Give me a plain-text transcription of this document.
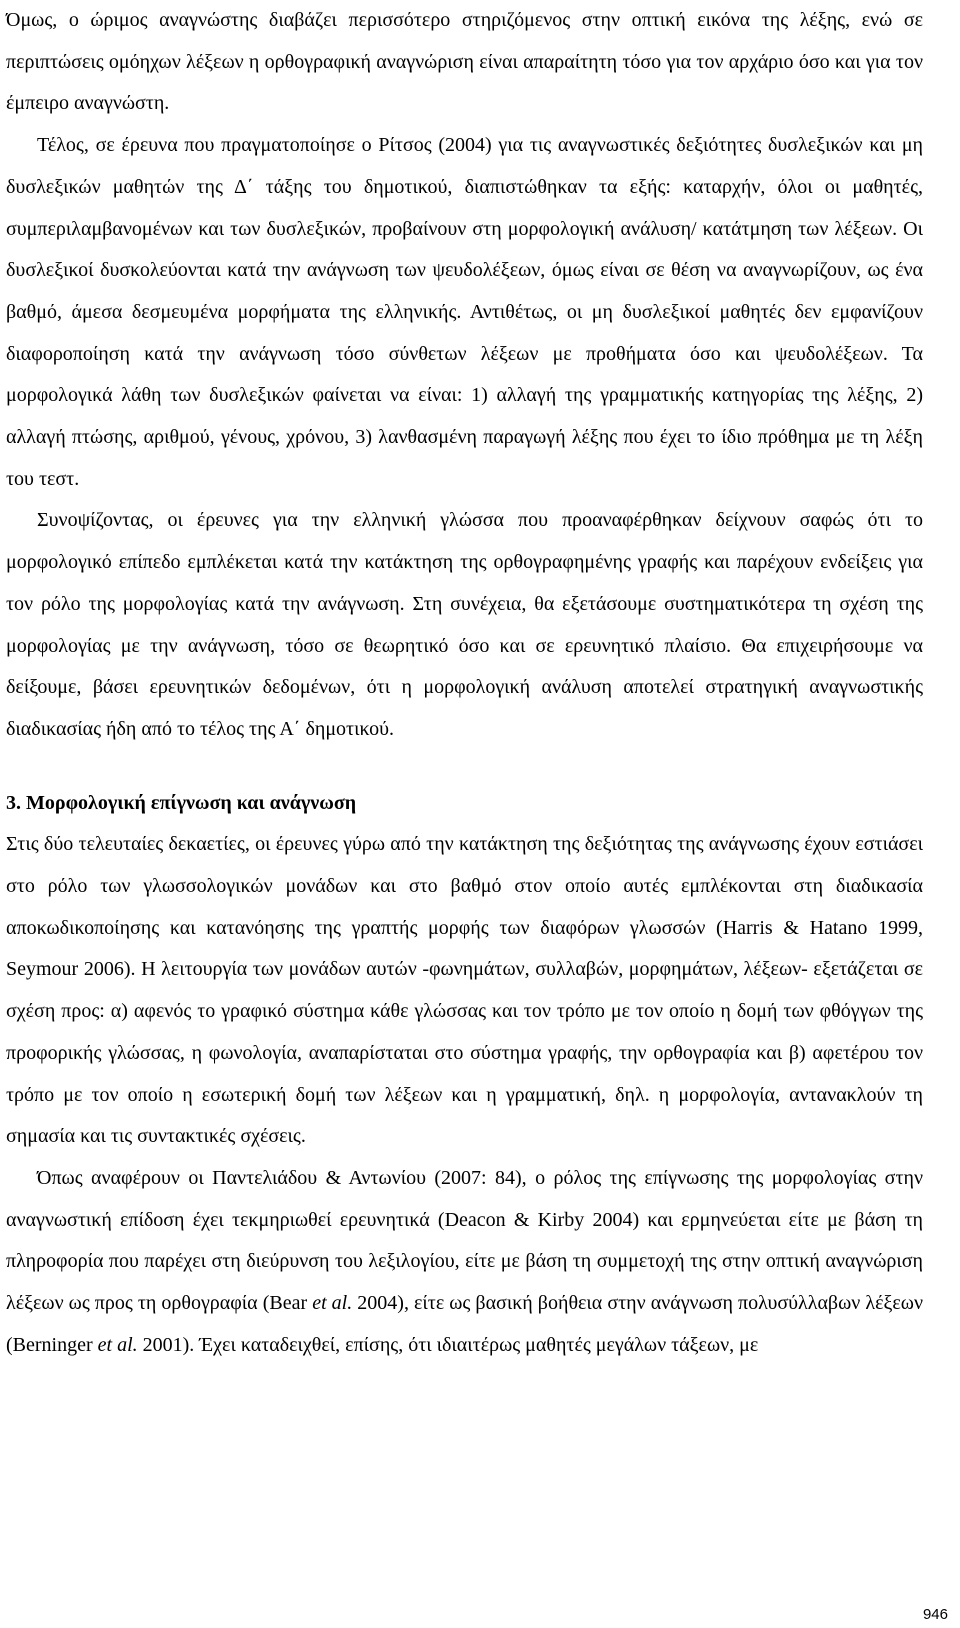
Όμως, ο ώριμος αναγνώστης διαβάζει περισσότερο στηριζόμενος στην οπτική εικόνα της λέξης, ενώ σε περιπτώσεις ομόηχων λέξεων η ορθογραφική αναγνώριση είναι απαραίτητη τόσο για τον αρχάριο όσο και για τον έμπειρο αναγνώστη.

Τέλος, σε έρευνα που πραγματοποίησε ο Ρίτσος (2004) για τις αναγνωστικές δεξιότητες δυσλεξικών και μη δυσλεξικών μαθητών της Δ΄ τάξης του δημοτικού, διαπιστώθηκαν τα εξής: καταρχήν, όλοι οι μαθητές, συμπεριλαμβανομένων και των δυσλεξικών, προβαίνουν στη μορφολογική ανάλυση/ κατάτμηση των λέξεων. Οι δυσλεξικοί δυσκολεύονται κατά την ανάγνωση των ψευδολέξεων, όμως είναι σε θέση να αναγνωρίζουν, ως ένα βαθμό, άμεσα δεσμευμένα μορφήματα της ελληνικής. Αντιθέτως, οι μη δυσλεξικοί μαθητές δεν εμφανίζουν διαφοροποίηση κατά την ανάγνωση τόσο σύνθετων λέξεων με προθήματα όσο και ψευδολέξεων. Τα μορφολογικά λάθη των δυσλεξικών φαίνεται να είναι: 1) αλλαγή της γραμματικής κατηγορίας της λέξης, 2) αλλαγή πτώσης, αριθμού, γένους, χρόνου, 3) λανθασμένη παραγωγή λέξης που έχει το ίδιο πρόθημα με τη λέξη του τεστ.

Συνοψίζοντας, οι έρευνες για την ελληνική γλώσσα που προαναφέρθηκαν δείχνουν σαφώς ότι το μορφολογικό επίπεδο εμπλέκεται κατά την κατάκτηση της ορθογραφημένης γραφής και παρέχουν ενδείξεις για τον ρόλο της μορφολογίας κατά την ανάγνωση. Στη συνέχεια, θα εξετάσουμε συστηματικότερα τη σχέση της μορφολογίας με την ανάγνωση, τόσο σε θεωρητικό όσο και σε ερευνητικό πλαίσιο. Θα επιχειρήσουμε να δείξουμε, βάσει ερευνητικών δεδομένων, ότι η μορφολογική ανάλυση αποτελεί στρατηγική αναγνωστικής διαδικασίας ήδη από το τέλος της Α΄ δημοτικού.

3. Μορφολογική επίγνωση και ανάγνωση

Στις δύο τελευταίες δεκαετίες, οι έρευνες γύρω από την κατάκτηση της δεξιότητας της ανάγνωσης έχουν εστιάσει στο ρόλο των γλωσσολογικών μονάδων και στο βαθμό στον οποίο αυτές εμπλέκονται στη διαδικασία αποκωδικοποίησης και κατανόησης της γραπτής μορφής των διαφόρων γλωσσών (Harris & Hatano 1999, Seymour 2006). Η λειτουργία των μονάδων αυτών -φωνημάτων, συλλαβών, μορφημάτων, λέξεων- εξετάζεται σε σχέση προς: α) αφενός το γραφικό σύστημα κάθε γλώσσας και τον τρόπο με τον οποίο η δομή των φθόγγων της προφορικής γλώσσας, η φωνολογία, αναπαρίσταται στο σύστημα γραφής, την ορθογραφία και β) αφετέρου τον τρόπο με τον οποίο η εσωτερική δομή των λέξεων και η γραμματική, δηλ. η μορφολογία, αντανακλούν τη σημασία και τις συντακτικές σχέσεις.

Όπως αναφέρουν οι Παντελιάδου & Αντωνίου (2007: 84), ο ρόλος της επίγνωσης της μορφολογίας στην αναγνωστική επίδοση έχει τεκμηριωθεί ερευνητικά (Deacon & Kirby 2004) και ερμηνεύεται είτε με βάση τη πληροφορία που παρέχει στη διεύρυνση του λεξιλογίου, είτε με βάση τη συμμετοχή της στην οπτική αναγνώριση λέξεων ως προς τη ορθογραφία (Bear et al. 2004), είτε ως βασική βοήθεια στην ανάγνωση πολυσύλλαβων λέξεων (Berninger et al. 2001). Έχει καταδειχθεί, επίσης, ότι ιδιαιτέρως μαθητές μεγάλων τάξεων, με

946
